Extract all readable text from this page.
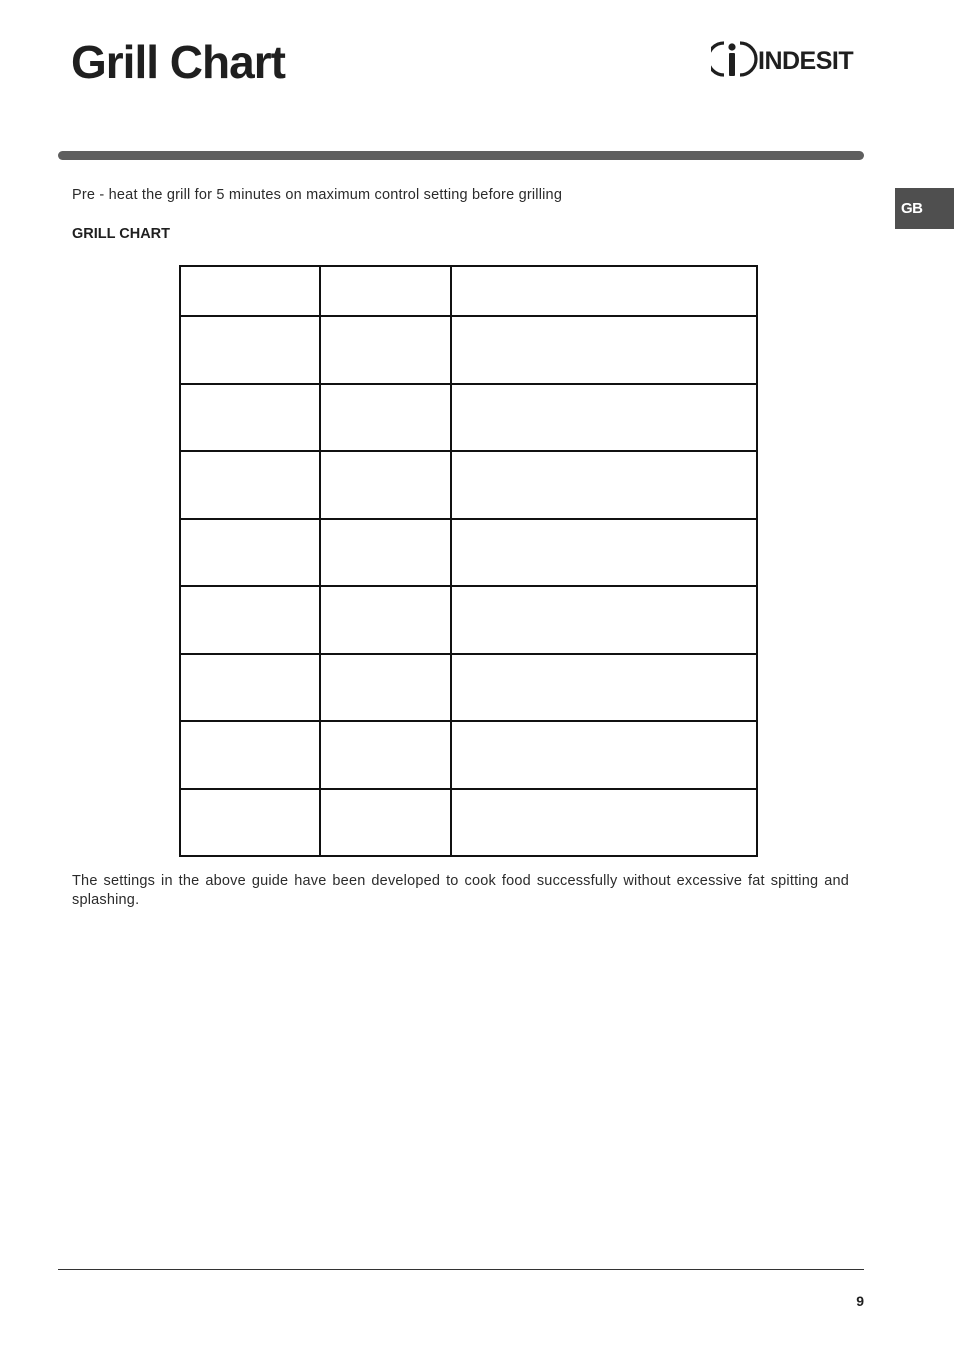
Grill Chart	INDESIT
GB
Pre - heat the grill for 5 minutes on maximum control setting before grilling
GRILL CHART

The settings in the above guide have been developed to cook food successfully without excessive fat spitting and splashing.
9
